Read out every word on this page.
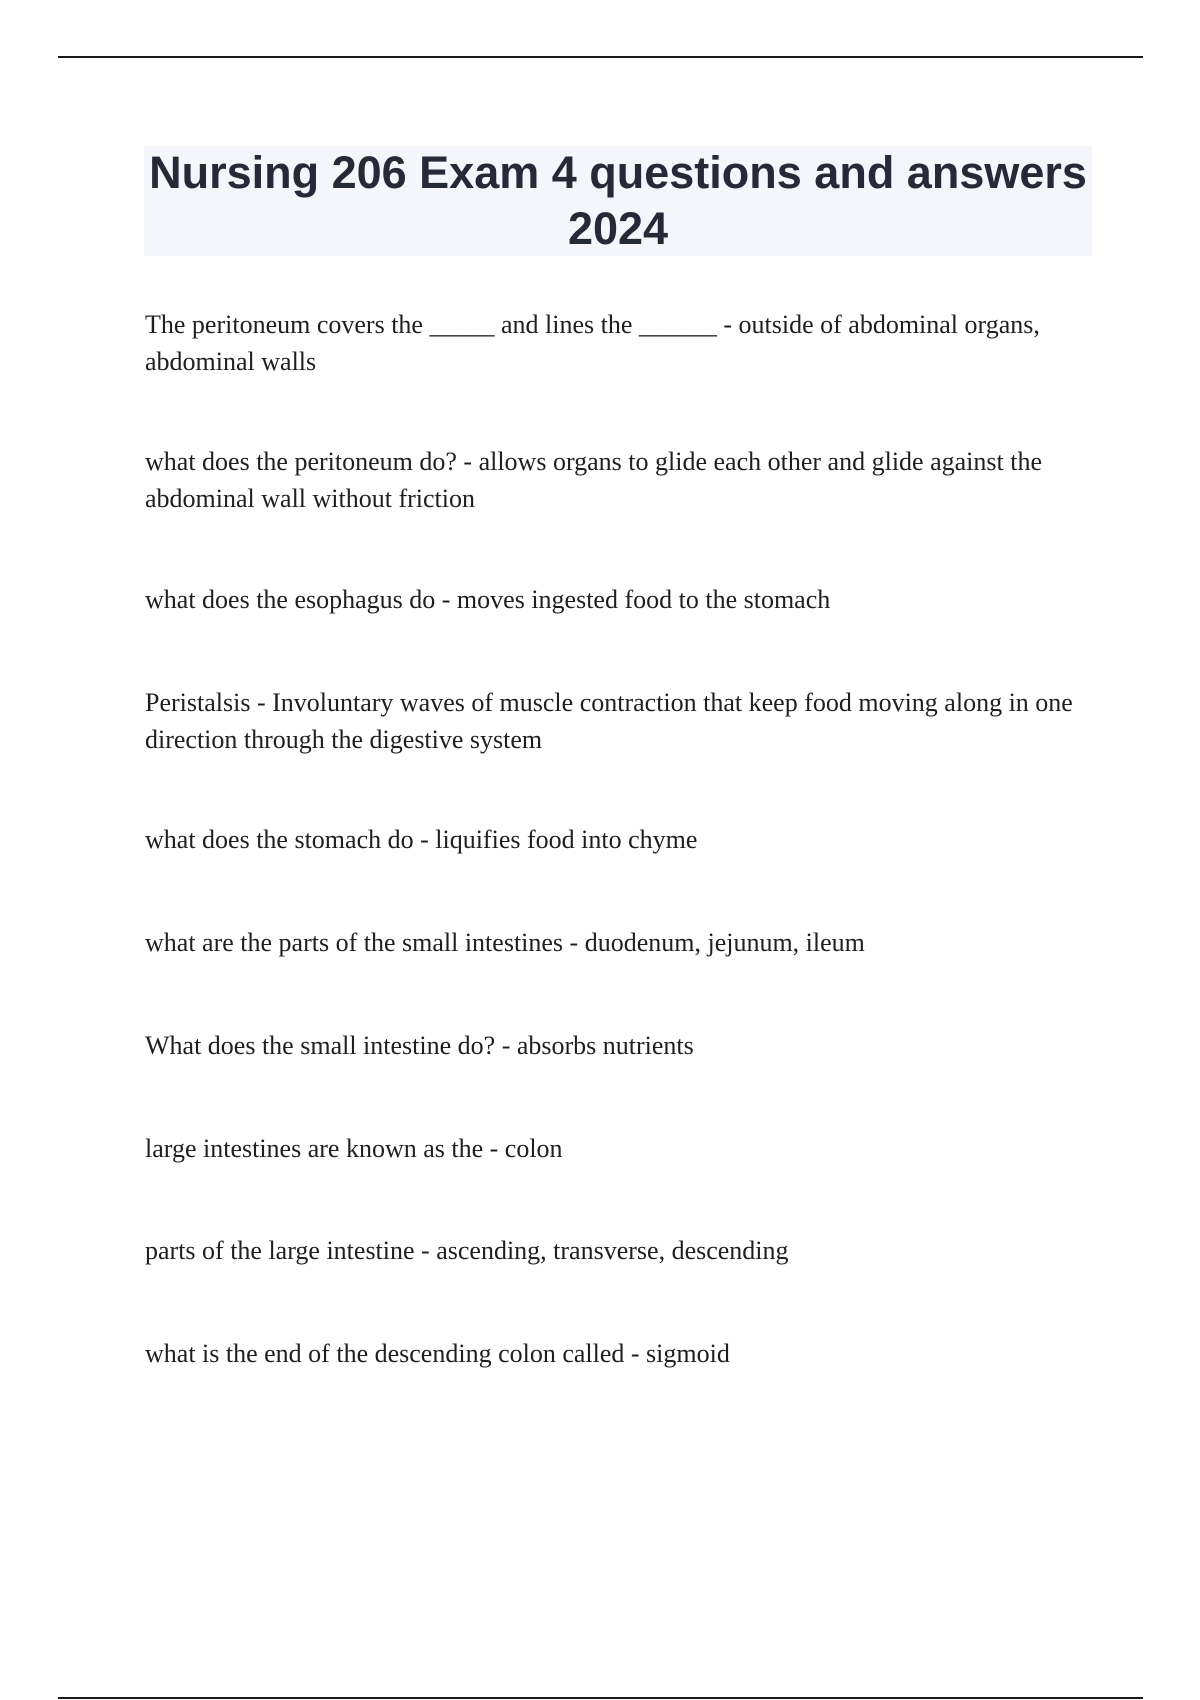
Nursing 206 Exam 4 questions and answers 2024

The peritoneum covers the _____ and lines the ______ - outside of abdominal organs, abdominal walls

what does the peritoneum do? - allows organs to glide each other and glide against the abdominal wall without friction

what does the esophagus do - moves ingested food to the stomach

Peristalsis - Involuntary waves of muscle contraction that keep food moving along in one direction through the digestive system

what does the stomach do - liquifies food into chyme

what are the parts of the small intestines - duodenum, jejunum, ileum

What does the small intestine do? - absorbs nutrients

large intestines are known as the - colon

parts of the large intestine - ascending, transverse, descending

what is the end of the descending colon called - sigmoid
